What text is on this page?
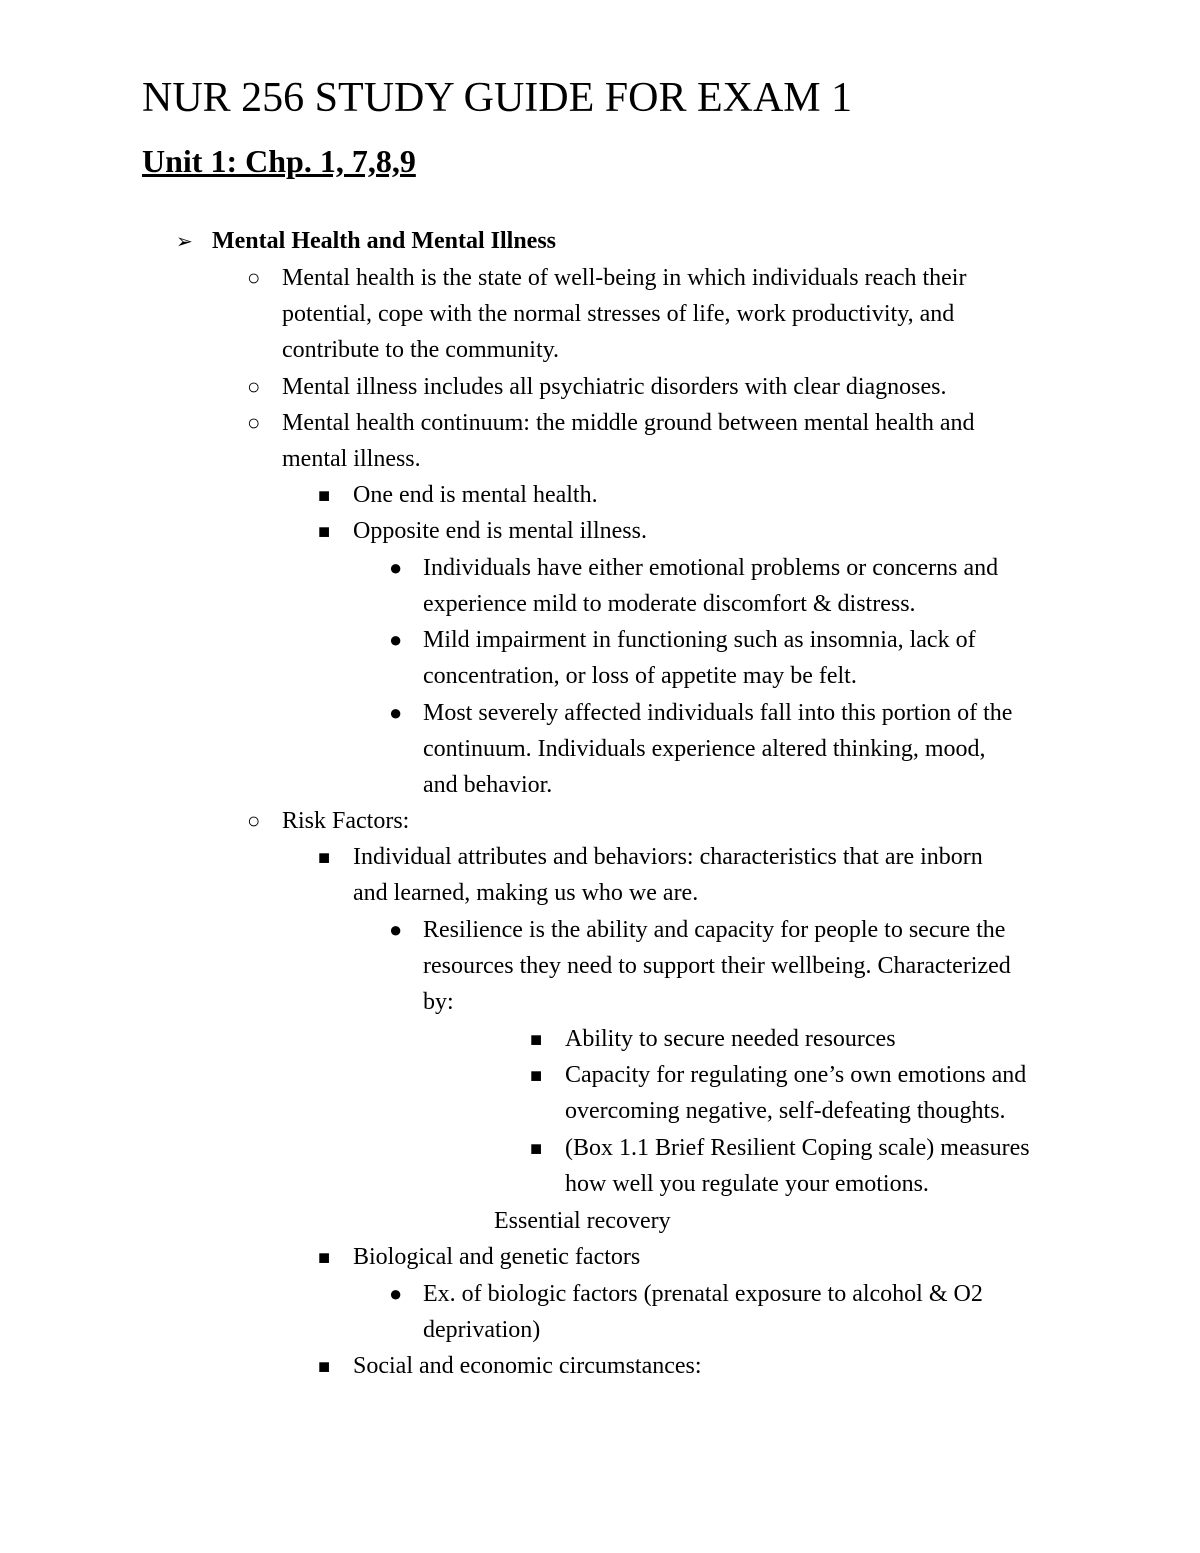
NUR 256 STUDY GUIDE FOR EXAM 1
Unit 1: Chp. 1, 7,8,9
➢ Mental Health and Mental Illness
○ Mental health is the state of well-being in which individuals reach their
potential, cope with the normal stresses of life, work productivity, and
contribute to the community.
○ Mental illness includes all psychiatric disorders with clear diagnoses.
○ Mental health continuum: the middle ground between mental health and
mental illness.
■ One end is mental health.
■ Opposite end is mental illness.
● Individuals have either emotional problems or concerns and
experience mild to moderate discomfort & distress.
● Mild impairment in functioning such as insomnia, lack of
concentration, or loss of appetite may be felt.
● Most severely affected individuals fall into this portion of the
continuum. Individuals experience altered thinking, mood,
and behavior.
○ Risk Factors:
■ Individual attributes and behaviors: characteristics that are inborn
and learned, making us who we are.
● Resilience is the ability and capacity for people to secure the
resources they need to support their wellbeing. Characterized
by:
■ Ability to secure needed resources
■ Capacity for regulating one’s own emotions and
overcoming negative, self-defeating thoughts.
■ (Box 1.1 Brief Resilient Coping scale) measures
how well you regulate your emotions.
Essential recovery
■ Biological and genetic factors
● Ex. of biologic factors (prenatal exposure to alcohol & O2
deprivation)
■ Social and economic circumstances:
